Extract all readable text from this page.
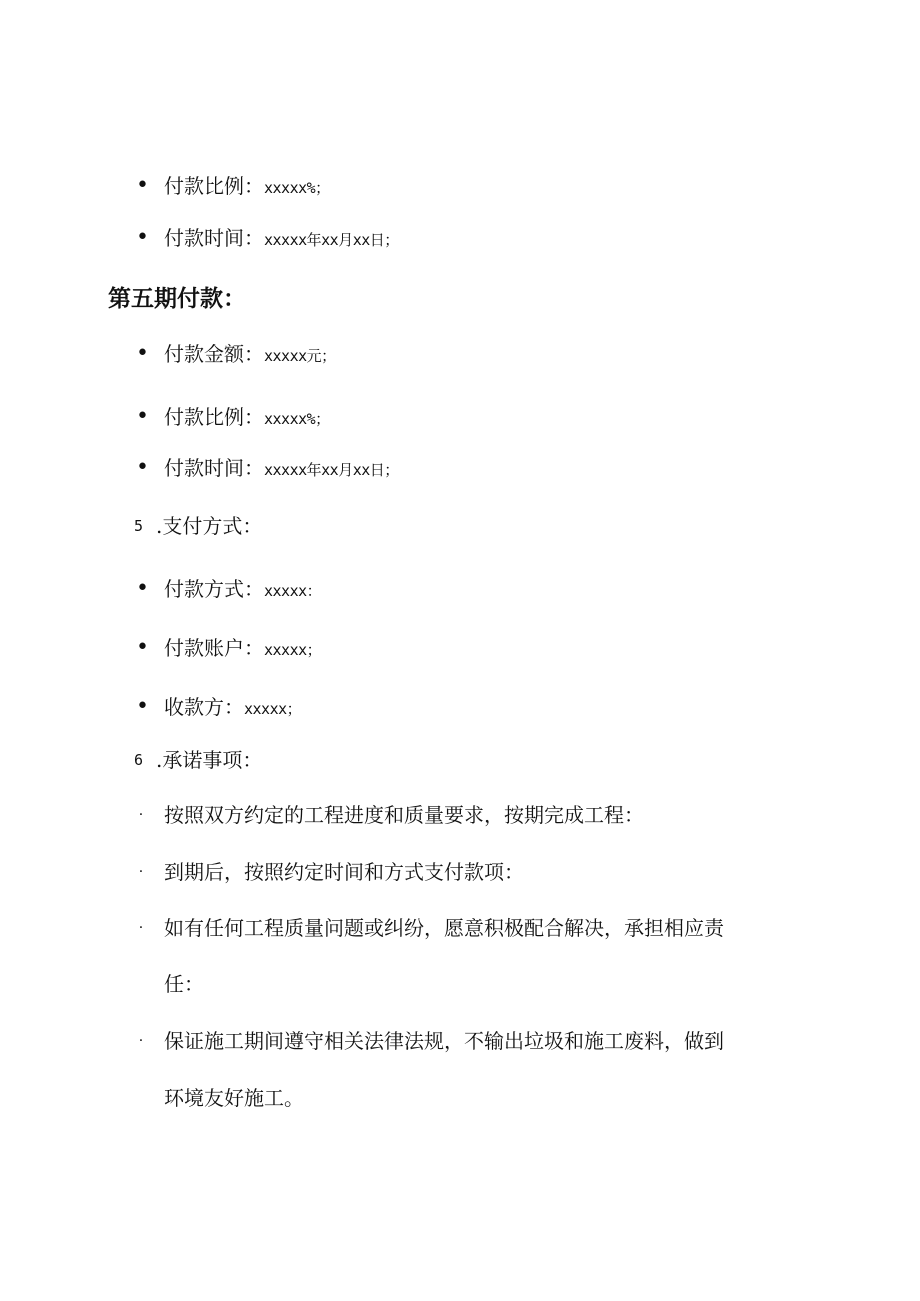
• 付款比例：xxxxx%；
• 付款时间：xxxxx年xx月xx日；
第五期付款：
• 付款金额：xxxxx元；
• 付款比例：xxxxx%；
• 付款时间：xxxxx年xx月xx日；
5 .支付方式：
• 付款方式：xxxxx：
• 付款账户：xxxxx；
• 收款方：xxxxx；
6 .承诺事项：
· 按照双方约定的工程进度和质量要求，按期完成工程：
· 到期后，按照约定时间和方式支付款项：
· 如有任何工程质量问题或纠纷，愿意积极配合解决，承担相应责
任：
· 保证施工期间遵守相关法律法规，不输出垃圾和施工废料，做到
环境友好施工。
